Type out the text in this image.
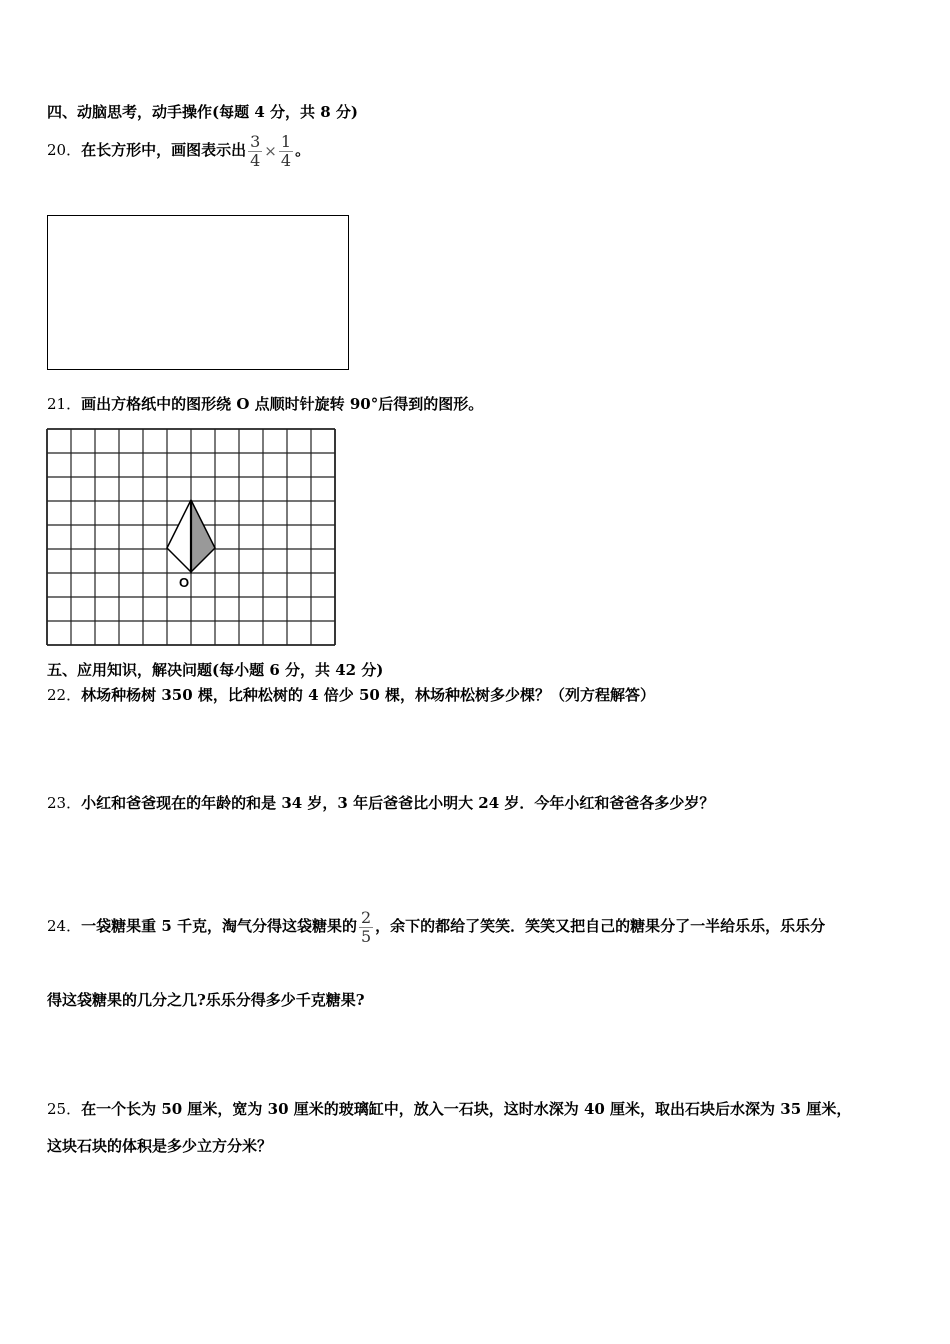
四、动脑思考，动手操作(每题 4 分，共 8 分)
20．在长方形中，画图表示出 $\frac{3}{4} \times \frac{1}{4}$ 。
21．画出方格纸中的图形绕 O 点顺时针旋转 90°后得到的图形。
O
五、应用知识，解决问题(每小题 6 分，共 42 分)
22．林场种杨树 350 棵，比种松树的 4 倍少 50 棵，林场种松树多少棵？（列方程解答）
23．小红和爸爸现在的年龄的和是 34 岁，3 年后爸爸比小明大 24 岁．今年小红和爸爸各多少岁？
24．一袋糖果重 5 千克，淘气分得这袋糖果的 $\frac{2}{5}$ ，余下的都给了笑笑．笑笑又把自己的糖果分了一半给乐乐，乐乐分
得这袋糖果的几分之几?乐乐分得多少千克糖果?
25．在一个长为 50 厘米，宽为 30 厘米的玻璃缸中，放入一石块，这时水深为 40 厘米，取出石块后水深为 35 厘米，
这块石块的体积是多少立方分米？
